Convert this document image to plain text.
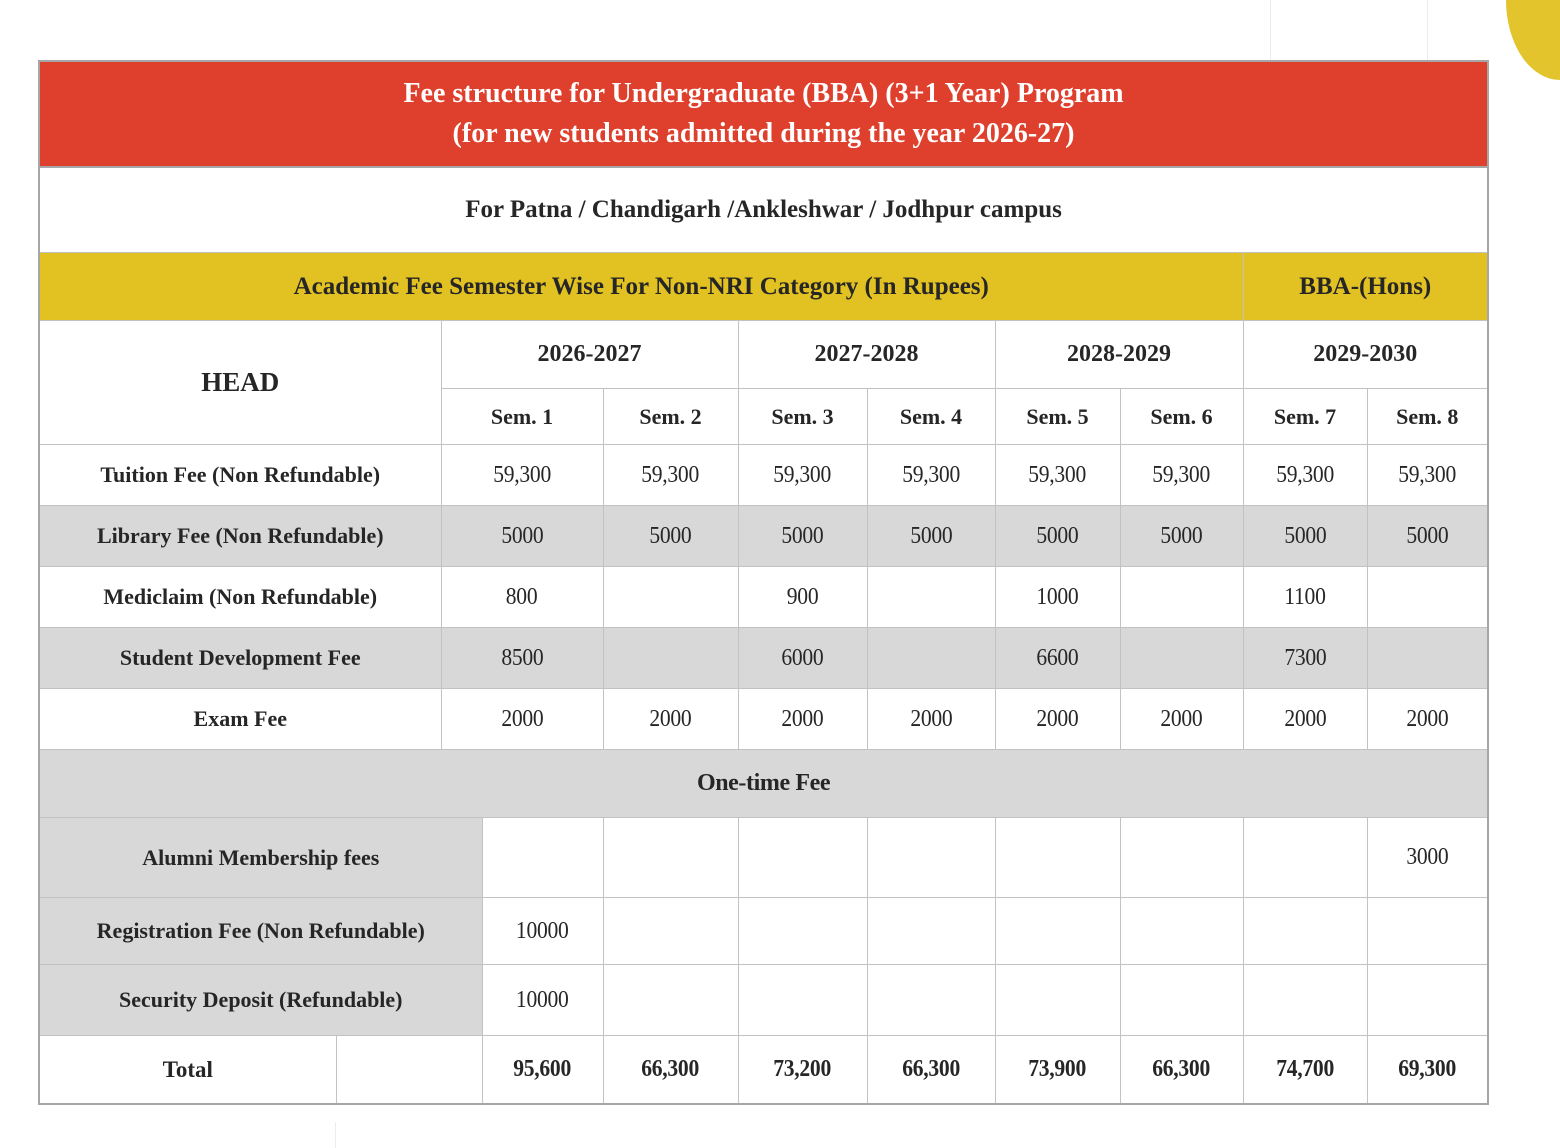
Fee structure for Undergraduate (BBA) (3+1 Year) Program
(for new students admitted during the year 2026-27)										

For Patna / Chandigarh /Ankleshwar / Jodhpur campus										
Academic Fee Semester Wise For Non-NRI Category (In Rupees)									BBA-(Hons)	
HEAD		2026-2027			2027-2028		2028-2029		2029-2030	
		Sem. 1		Sem. 2	Sem. 3	Sem. 4	Sem. 5	Sem. 6	Sem. 7	Sem. 8
Tuition Fee (Non Refundable)		59,300		59,300	59,300	59,300	59,300	59,300	59,300	59,300
Library Fee (Non Refundable)		5000		5000	5000	5000	5000	5000	5000	5000
Mediclaim (Non Refundable)		800			900		1000		1100	
Student Development Fee		8500			6000		6600		7300	
Exam Fee		2000		2000	2000	2000	2000	2000	2000	2000
One-time Fee										
Alumni Membership fees										3000
Registration Fee (Non Refundable)			10000							
Security Deposit (Refundable)			10000							
Total			95,600	66,300	73,200	66,300	73,900	66,300	74,700	69,300
